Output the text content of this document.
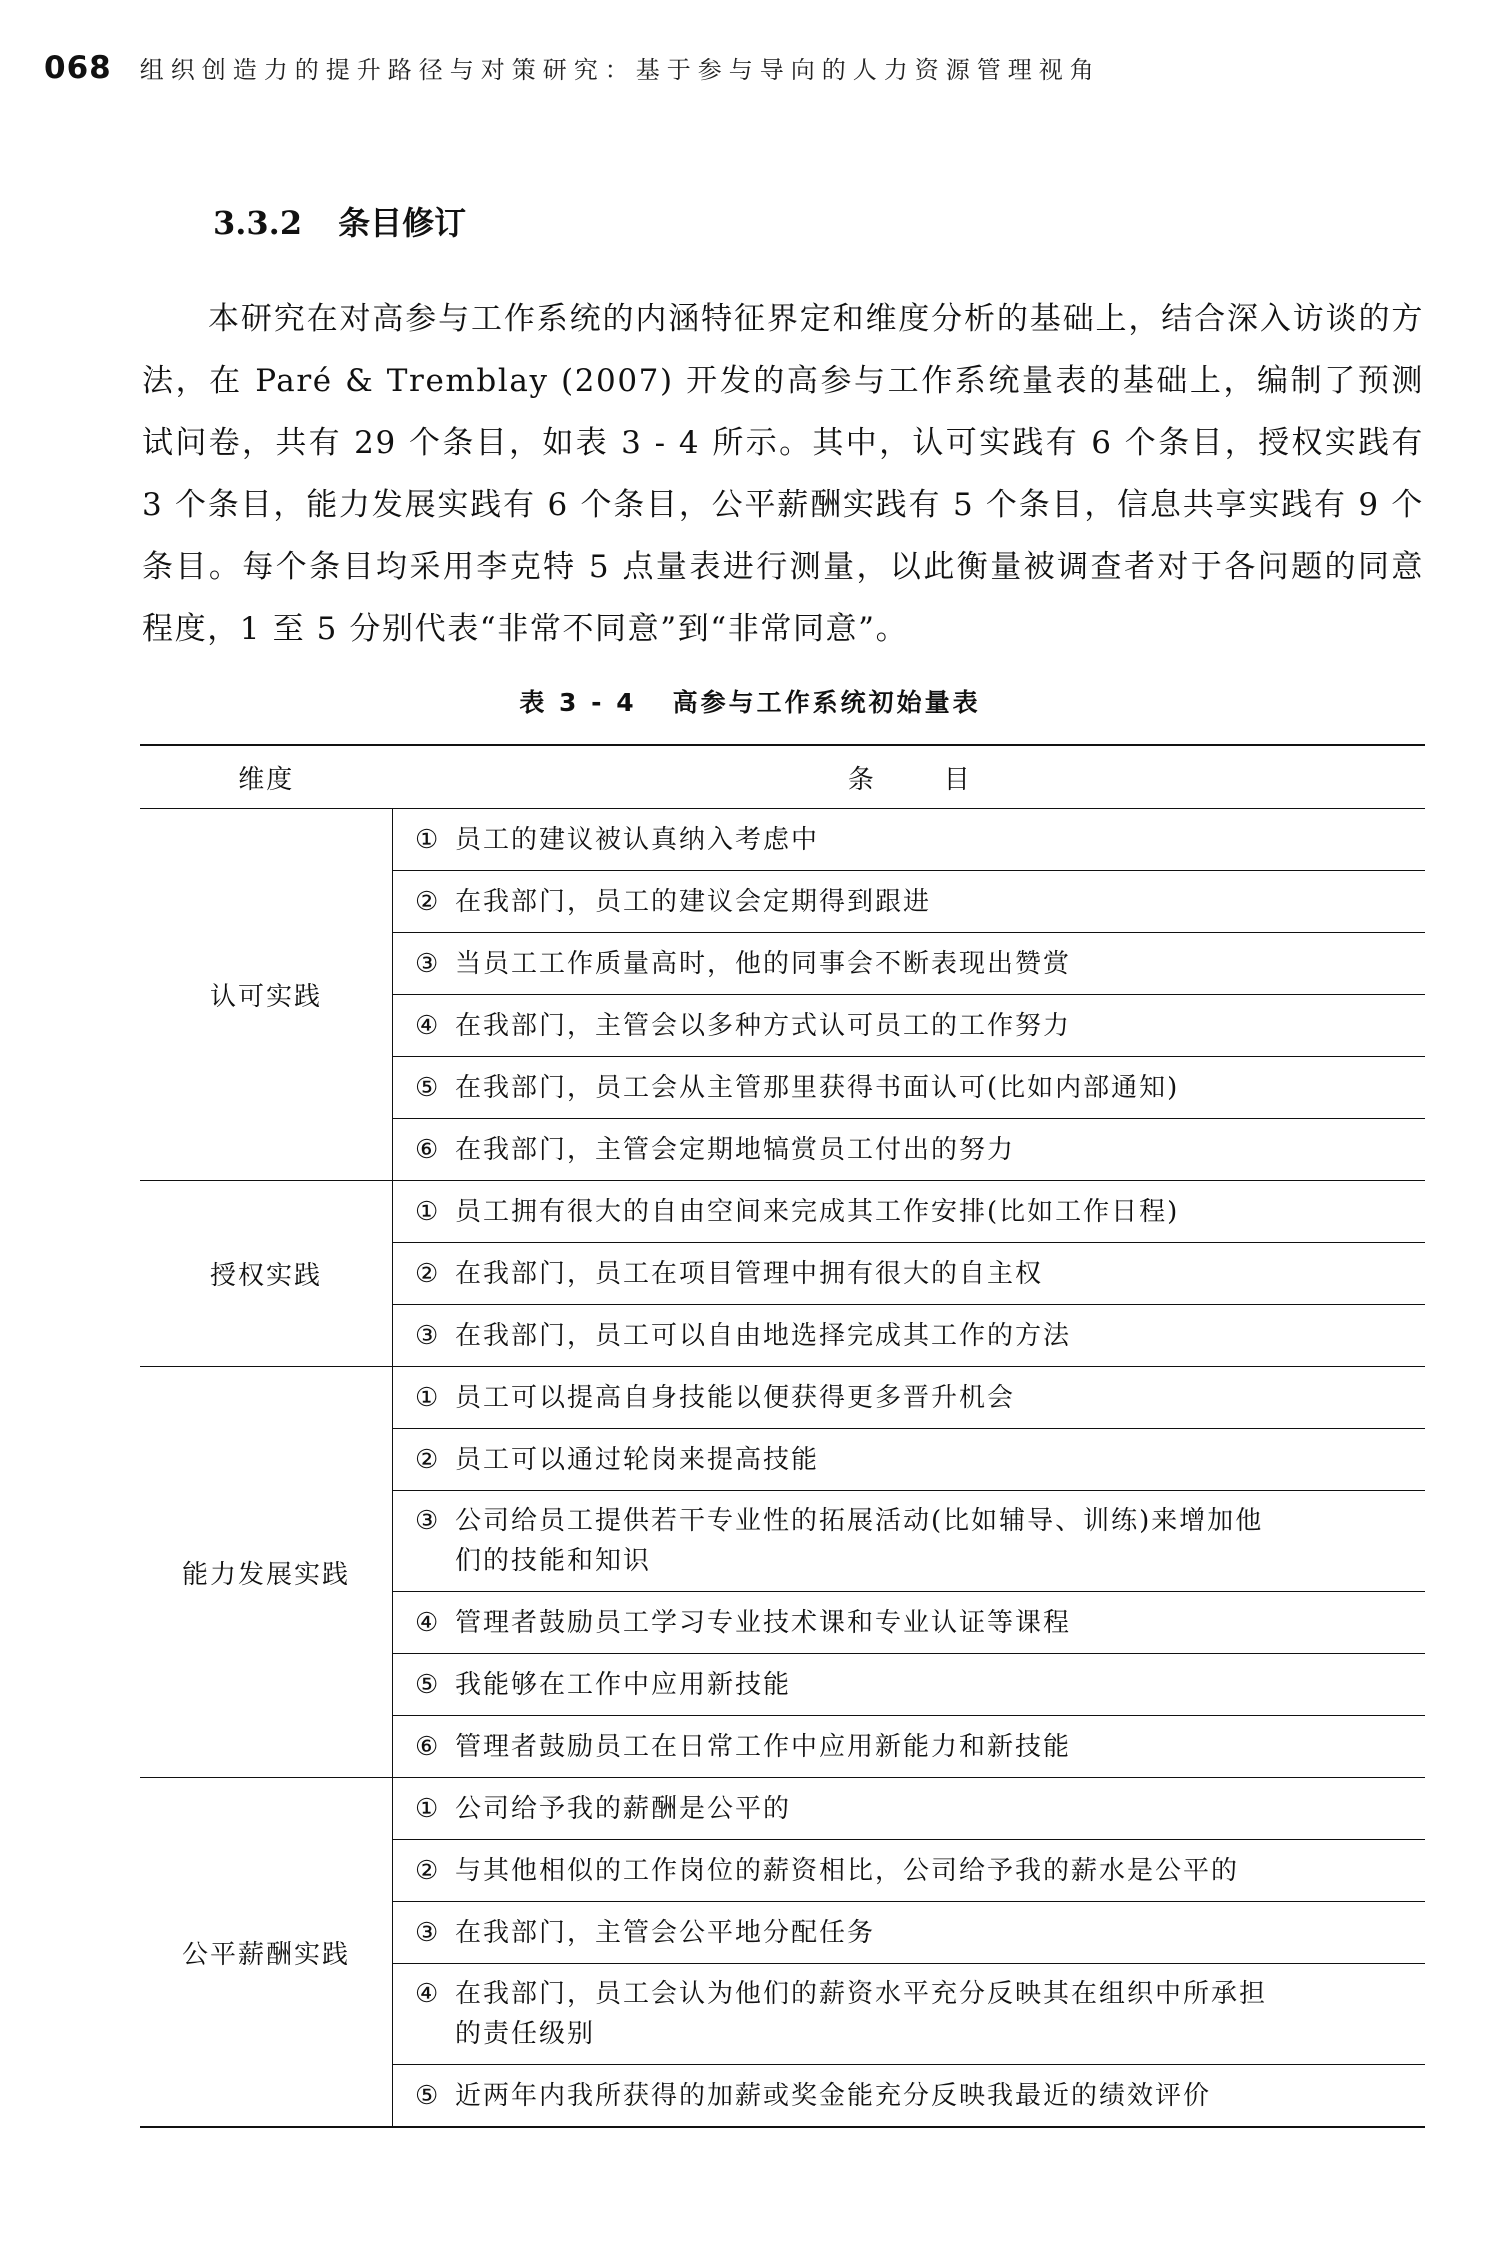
068 组织创造力的提升路径与对策研究：基于参与导向的人力资源管理视角
3.3.2 条目修订

本研究在对高参与工作系统的内涵特征界定和维度分析的基础上，结合深入访谈的方法，在 Paré & Tremblay (2007) 开发的高参与工作系统量表的基础上，编制了预测试问卷，共有 29 个条目，如表 3 - 4 所示。其中，认可实践有 6 个条目，授权实践有 3 个条目，能力发展实践有 6 个条目，公平薪酬实践有 5 个条目，信息共享实践有 9 个条目。每个条目均采用李克特 5 点量表进行测量，以此衡量被调查者对于各问题的同意程度，1 至 5 分别代表“非常不同意”到“非常同意”。

表 3 - 4 高参与工作系统初始量表
维度	条 目
认可实践	① 员工的建议被认真纳入考虑中
	② 在我部门，员工的建议会定期得到跟进
	③ 当员工工作质量高时，他的同事会不断表现出赞赏
	④ 在我部门，主管会以多种方式认可员工的工作努力
	⑤ 在我部门，员工会从主管那里获得书面认可(比如内部通知)
	⑥ 在我部门，主管会定期地犒赏员工付出的努力
授权实践	① 员工拥有很大的自由空间来完成其工作安排(比如工作日程)
	② 在我部门，员工在项目管理中拥有很大的自主权
	③ 在我部门，员工可以自由地选择完成其工作的方法
能力发展实践	① 员工可以提高自身技能以便获得更多晋升机会
	② 员工可以通过轮岗来提高技能
	③ 公司给员工提供若干专业性的拓展活动(比如辅导、训练)来增加他
们的技能和知识

	④ 管理者鼓励员工学习专业技术课和专业认证等课程
	⑤ 我能够在工作中应用新技能
	⑥ 管理者鼓励员工在日常工作中应用新能力和新技能
公平薪酬实践	① 公司给予我的薪酬是公平的
	② 与其他相似的工作岗位的薪资相比，公司给予我的薪水是公平的
	③ 在我部门，主管会公平地分配任务
	④ 在我部门，员工会认为他们的薪资水平充分反映其在组织中所承担
的责任级别

	⑤ 近两年内我所获得的加薪或奖金能充分反映我最近的绩效评价
